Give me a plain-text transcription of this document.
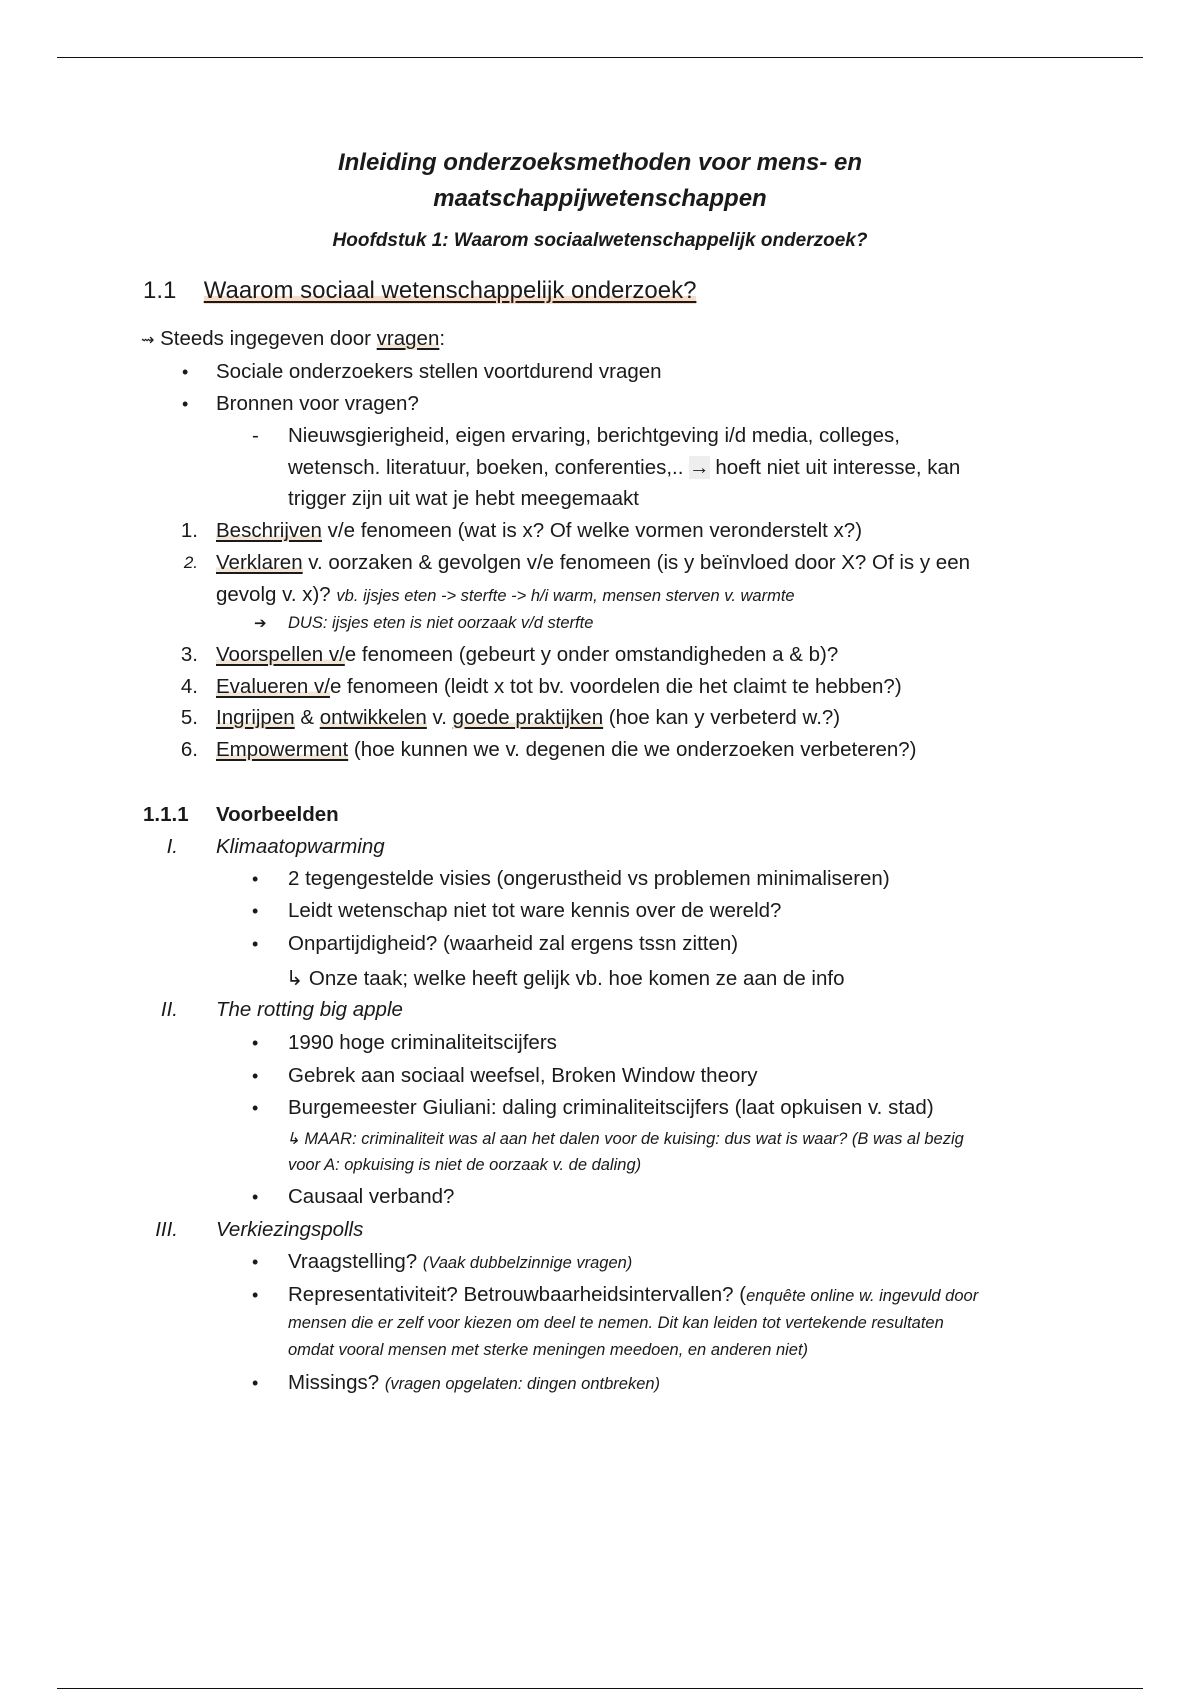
Inleiding onderzoeksmethoden voor mens- en
maatschappijwetenschappen
Hoofdstuk 1: Waarom sociaalwetenschappelijk onderzoek?
1.1 Waarom sociaal wetenschappelijk onderzoek?
⇝ Steeds ingegeven door vragen:
• Sociale onderzoekers stellen voortdurend vragen
• Bronnen voor vragen?
- Nieuwsgierigheid, eigen ervaring, berichtgeving i/d media, colleges,
wetensch. literatuur, boeken, conferenties,.. → hoeft niet uit interesse, kan
trigger zijn uit wat je hebt meegemaakt
1. Beschrijven v/e fenomeen (wat is x? Of welke vormen veronderstelt x?)
2. Verklaren v. oorzaken & gevolgen v/e fenomeen (is y beïnvloed door X? Of is y een
gevolg v. x)? vb. ijsjes eten -> sterfte -> h/i warm, mensen sterven v. warmte
➔ DUS: ijsjes eten is niet oorzaak v/d sterfte
3. Voorspellen v/e fenomeen (gebeurt y onder omstandigheden a & b)?
4. Evalueren v/e fenomeen (leidt x tot bv. voordelen die het claimt te hebben?)
5. Ingrijpen & ontwikkelen v. goede praktijken (hoe kan y verbeterd w.?)
6. Empowerment (hoe kunnen we v. degenen die we onderzoeken verbeteren?)
1.1.1 Voorbeelden
I. Klimaatopwarming
• 2 tegengestelde visies (ongerustheid vs problemen minimaliseren)
• Leidt wetenschap niet tot ware kennis over de wereld?
• Onpartijdigheid? (waarheid zal ergens tssn zitten)
↳ Onze taak; welke heeft gelijk vb. hoe komen ze aan de info
II. The rotting big apple
• 1990 hoge criminaliteitscijfers
• Gebrek aan sociaal weefsel, Broken Window theory
• Burgemeester Giuliani: daling criminaliteitscijfers (laat opkuisen v. stad)
↳ MAAR: criminaliteit was al aan het dalen voor de kuising: dus wat is waar? (B was al bezig
voor A: opkuising is niet de oorzaak v. de daling)
• Causaal verband?
III. Verkiezingspolls
• Vraagstelling? (Vaak dubbelzinnige vragen)
• Representativiteit? Betrouwbaarheidsintervallen? (enquête online w. ingevuld door
mensen die er zelf voor kiezen om deel te nemen. Dit kan leiden tot vertekende resultaten
omdat vooral mensen met sterke meningen meedoen, en anderen niet)
• Missings? (vragen opgelaten: dingen ontbreken)
